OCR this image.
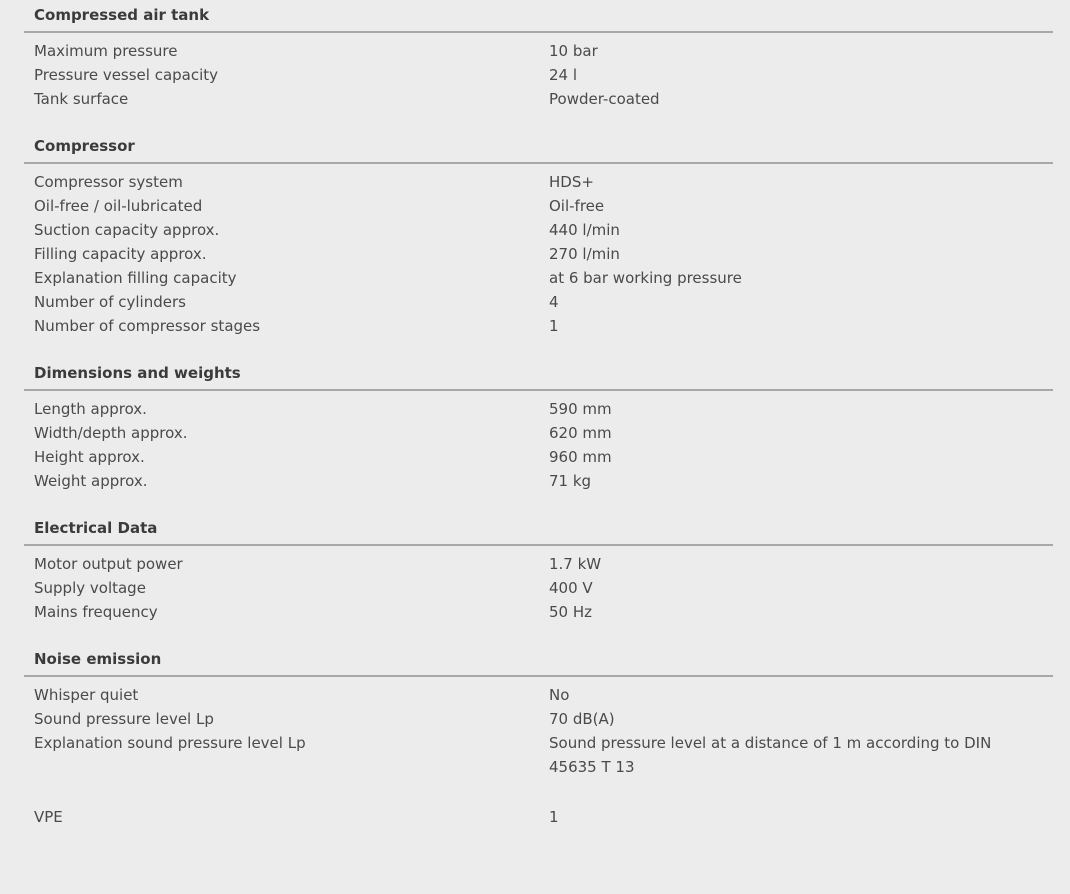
Compressed air tank
Maximum pressure	10 bar
Pressure vessel capacity	24 l
Tank surface	Powder-coated
Compressor
Compressor system	HDS+
Oil-free / oil-lubricated	Oil-free
Suction capacity approx.	440 l/min
Filling capacity approx.	270 l/min
Explanation filling capacity	at 6 bar working pressure
Number of cylinders	4
Number of compressor stages	1
Dimensions and weights
Length approx.	590 mm
Width/depth approx.	620 mm
Height approx.	960 mm
Weight approx.	71 kg
Electrical Data
Motor output power	1.7 kW
Supply voltage	400 V
Mains frequency	50 Hz
Noise emission
Whisper quiet	No
Sound pressure level Lp	70 dB(A)
Explanation sound pressure level Lp	Sound pressure level at a distance of 1 m according to DIN 45635 T 13
VPE	1
